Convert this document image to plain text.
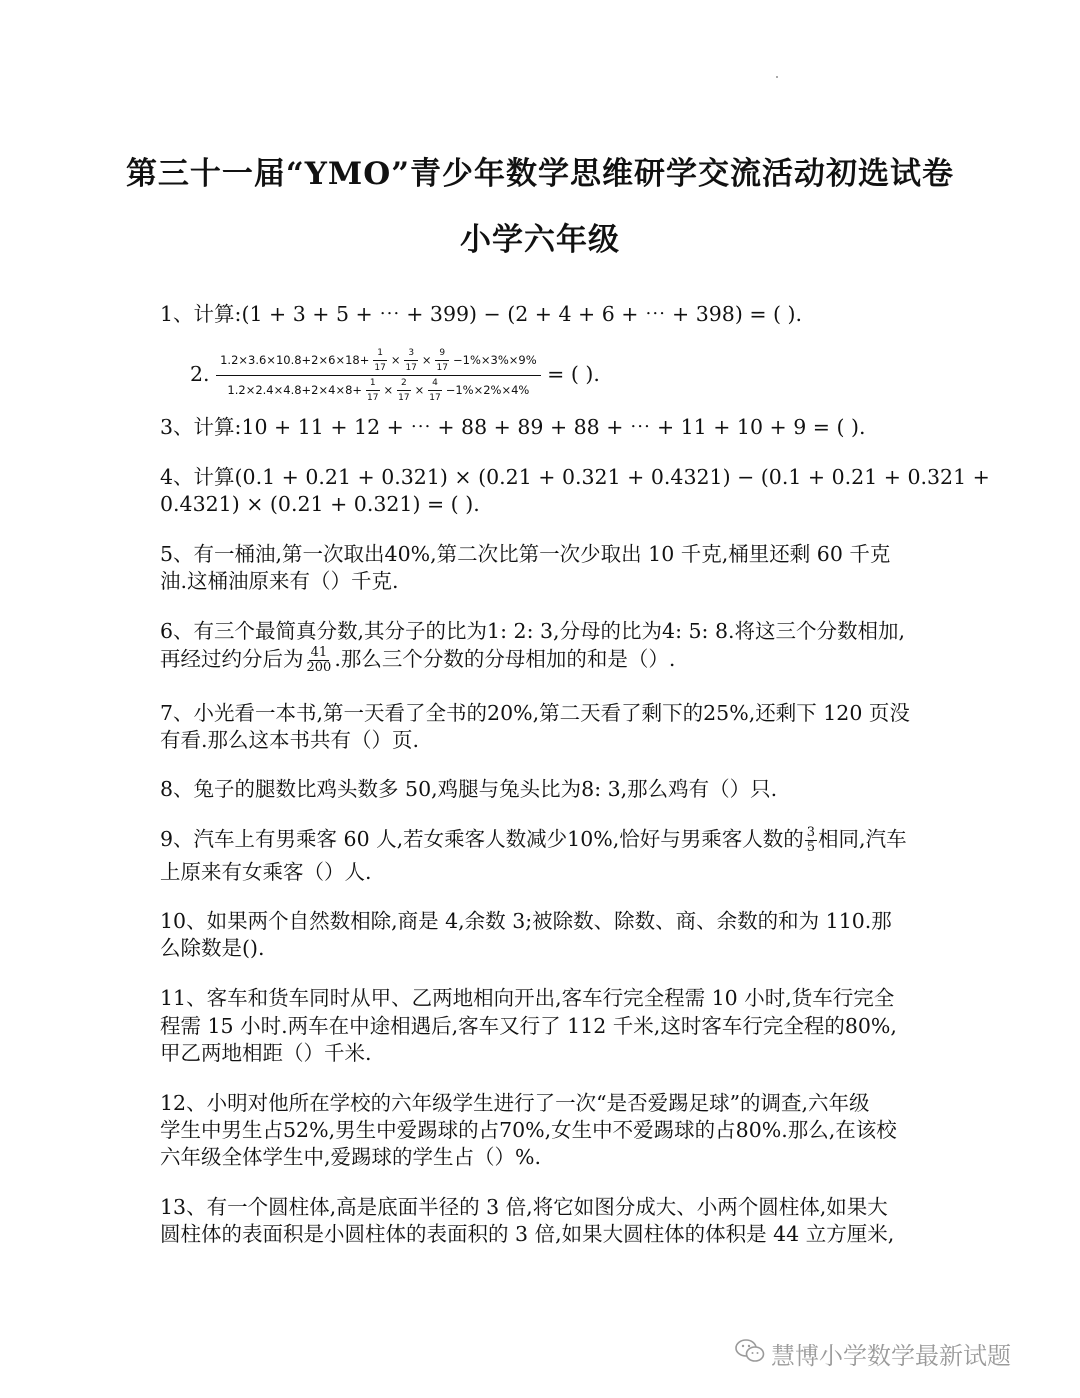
第三十一届“YMO”青少年数学思维研学交流活动初选试卷
小学六年级
1、计算:(1 + 3 + 5 + ⋯ + 399) − (2 + 4 + 6 + ⋯ + 398) = ( ).
2. $\frac{1.2\times 3.6\times 10.8+2\times 6\times 18+ \frac{1}{17} \times \frac{3}{17} \times \frac{9}{17} -1\%\times 3\%\times 9\%}{1.2\times 2.4\times 4.8+2\times 4\times 8+ \frac{1}{17} \times \frac{2}{17} \times \frac{4}{17} -1\%\times 2\%\times 4\%}$ = ( ).
3、计算:10 + 11 + 12 + ⋯ + 88 + 89 + 88 + ⋯ + 11 + 10 + 9 = ( ).
4、计算(0.1 + 0.21 + 0.321) × (0.21 + 0.321 + 0.4321) − (0.1 + 0.21 + 0.321 +
0.4321) × (0.21 + 0.321) = ( ).
5、有一桶油,第一次取出40%,第二次比第一次少取出 10 千克,桶里还剩 60 千克
油.这桶油原来有（）千克.
6、有三个最简真分数,其分子的比为1: 2: 3,分母的比为4: 5: 8.将这三个分数相加,
再经过约分后为 $\frac{41}{200}$ .那么三个分数的分母相加的和是（）.
7、小光看一本书,第一天看了全书的20%,第二天看了剩下的25%,还剩下 120 页没
有看.那么这本书共有（）页.
8、兔子的腿数比鸡头数多 50,鸡腿与兔头比为8: 3,那么鸡有（）只.
9、汽车上有男乘客 60 人,若女乘客人数减少10%,恰好与男乘客人数的 $\frac{3}{5}$ 相同,汽车
上原来有女乘客（）人.
10、如果两个自然数相除,商是 4,余数 3;被除数、除数、商、余数的和为 110.那
么除数是().
11、客车和货车同时从甲、乙两地相向开出,客车行完全程需 10 小时,货车行完全
程需 15 小时.两车在中途相遇后,客车又行了 112 千米,这时客车行完全程的80%,
甲乙两地相距（）千米.
12、小明对他所在学校的六年级学生进行了一次“是否爱踢足球”的调查,六年级
学生中男生占52%,男生中爱踢球的占70%,女生中不爱踢球的占80%.那么,在该校
六年级全体学生中,爱踢球的学生占（）%.
13、有一个圆柱体,高是底面半径的 3 倍,将它如图分成大、小两个圆柱体,如果大
圆柱体的表面积是小圆柱体的表面积的 3 倍,如果大圆柱体的体积是 44 立方厘米,
慧博小学数学最新试题
